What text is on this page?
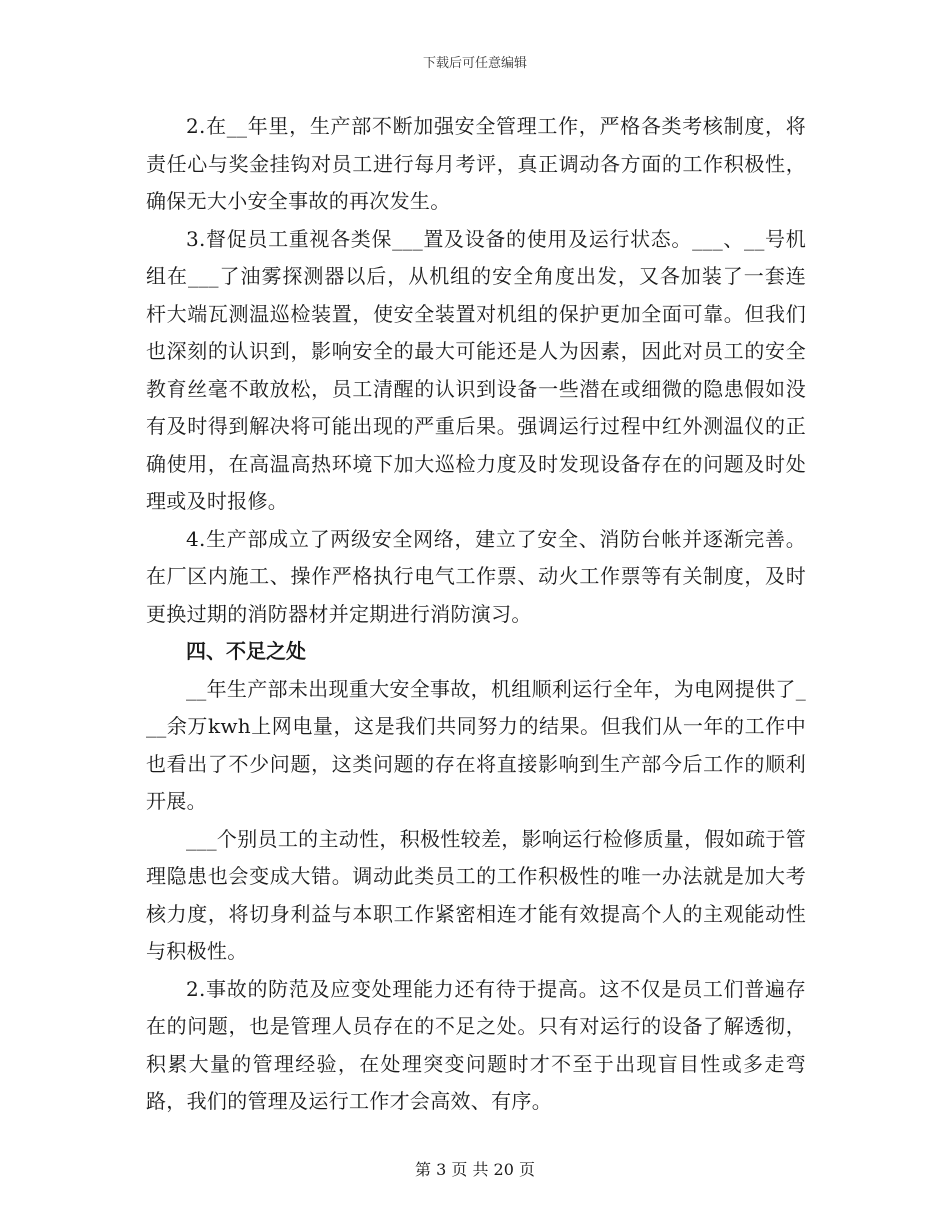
下载后可任意编辑

2.在__年里，生产部不断加强安全管理工作，严格各类考核制度，将责任心与奖金挂钩对员工进行每月考评，真正调动各方面的工作积极性，确保无大小安全事故的再次发生。

3.督促员工重视各类保___置及设备的使用及运行状态。___、__号机组在___了油雾探测器以后，从机组的安全角度出发，又各加装了一套连杆大端瓦测温巡检装置，使安全装置对机组的保护更加全面可靠。但我们也深刻的认识到，影响安全的最大可能还是人为因素，因此对员工的安全教育丝毫不敢放松，员工清醒的认识到设备一些潜在或细微的隐患假如没有及时得到解决将可能出现的严重后果。强调运行过程中红外测温仪的正确使用，在高温高热环境下加大巡检力度及时发现设备存在的问题及时处理或及时报修。

4.生产部成立了两级安全网络，建立了安全、消防台帐并逐渐完善。在厂区内施工、操作严格执行电气工作票、动火工作票等有关制度，及时更换过期的消防器材并定期进行消防演习。

四、不足之处

__年生产部未出现重大安全事故，机组顺利运行全年，为电网提供了___余万kwh上网电量，这是我们共同努力的结果。但我们从一年的工作中也看出了不少问题，这类问题的存在将直接影响到生产部今后工作的顺利开展。

___个别员工的主动性，积极性较差，影响运行检修质量，假如疏于管理隐患也会变成大错。调动此类员工的工作积极性的唯一办法就是加大考核力度，将切身利益与本职工作紧密相连才能有效提高个人的主观能动性与积极性。

2.事故的防范及应变处理能力还有待于提高。这不仅是员工们普遍存在的问题，也是管理人员存在的不足之处。只有对运行的设备了解透彻，积累大量的管理经验，在处理突变问题时才不至于出现盲目性或多走弯路，我们的管理及运行工作才会高效、有序。

第 3 页 共 20 页
